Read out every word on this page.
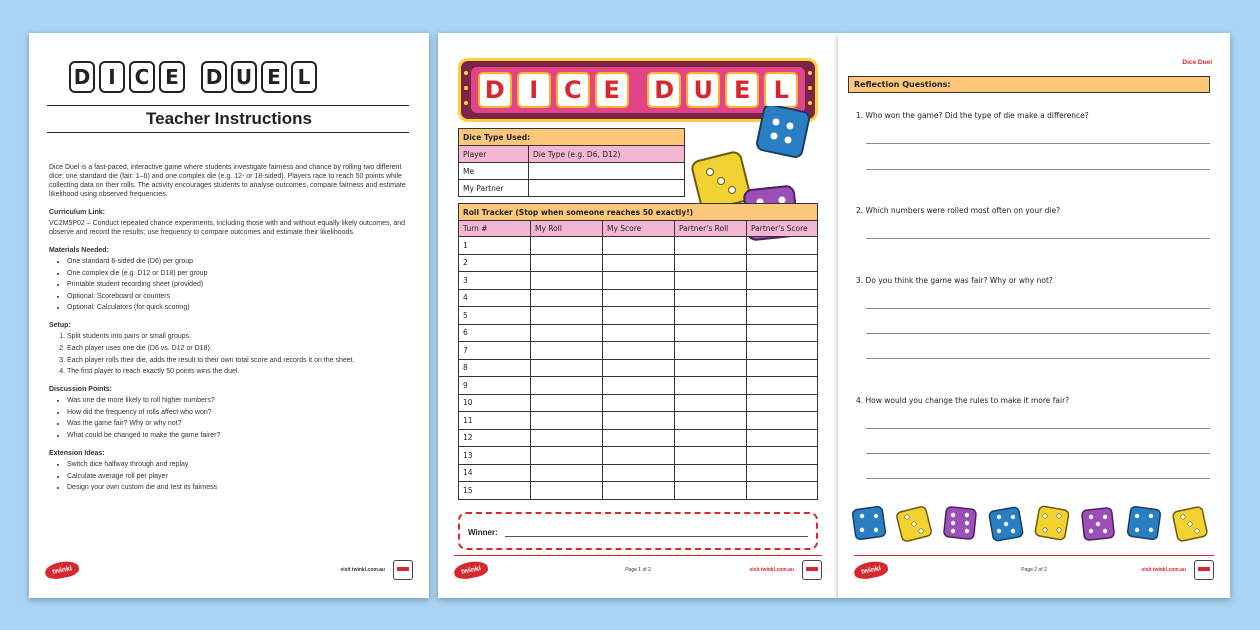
D I C E	D U E L
Teacher Instructions

Dice Duel is a fast-paced, interactive game where students investigate fairness and chance by rolling two different dice: one standard die (fair: 1–6) and one complex die (e.g. 12- or 18-sided). Players race to reach 50 points while collecting data on their rolls. The activity encourages students to analyse outcomes, compare fairness and estimate likelihood using observed frequencies.

Curriculum Link:

VC2M5P02 – Conduct repeated chance experiments, including those with and without equally likely outcomes, and observe and record the results; use frequency to compare outcomes and estimate their likelihoods.

Materials Needed:
• One standard 6-sided die (D6) per group
• One complex die (e.g. D12 or D18) per group
• Printable student recording sheet (provided)
• Optional: Scoreboard or counters
• Optional: Calculators (for quick scoring)
Setup:
1. Split students into pairs or small groups.
2. Each player uses one die (D6 vs. D12 or D18).
3. Each player rolls their die, adds the result to their own total score and records it on the sheet.
4. The first player to reach exactly 50 points wins the duel.
Discussion Points:
• Was one die more likely to roll higher numbers?
• How did the frequency of rolls affect who won?
• Was the game fair? Why or why not?
• What could be changed to make the game fairer?
Extension Ideas:
• Switch dice halfway through and replay
• Calculate average roll per player
• Design your own custom die and test its fairness
twinkl	visit twinkl.com.au
D	I	C E	D U E L
Dice Type Used:	
Player	Die Type (e.g. D6, D12)
Me	
My Partner	
Roll Tracker (Stop when someone reaches 50 exactly!)				
Turn #	My Roll	My Score	Partner's Roll	Partner's Score
1				
2				
3				
4				
5				
6				
7				
8				
9				
10				
11				
12				
13				
14				
15				
Winner:
twinkl	Page 1 of 2	visit twinkl.com.au
Dice Duel
Reflection Questions:
1. Who won the game? Did the type of die make a difference?
2. Which numbers were rolled most often on your die?
3. Do you think the game was fair? Why or why not?
4. How would you change the rules to make it more fair?
twinkl	Page 2 of 2	visit twinkl.com.au
